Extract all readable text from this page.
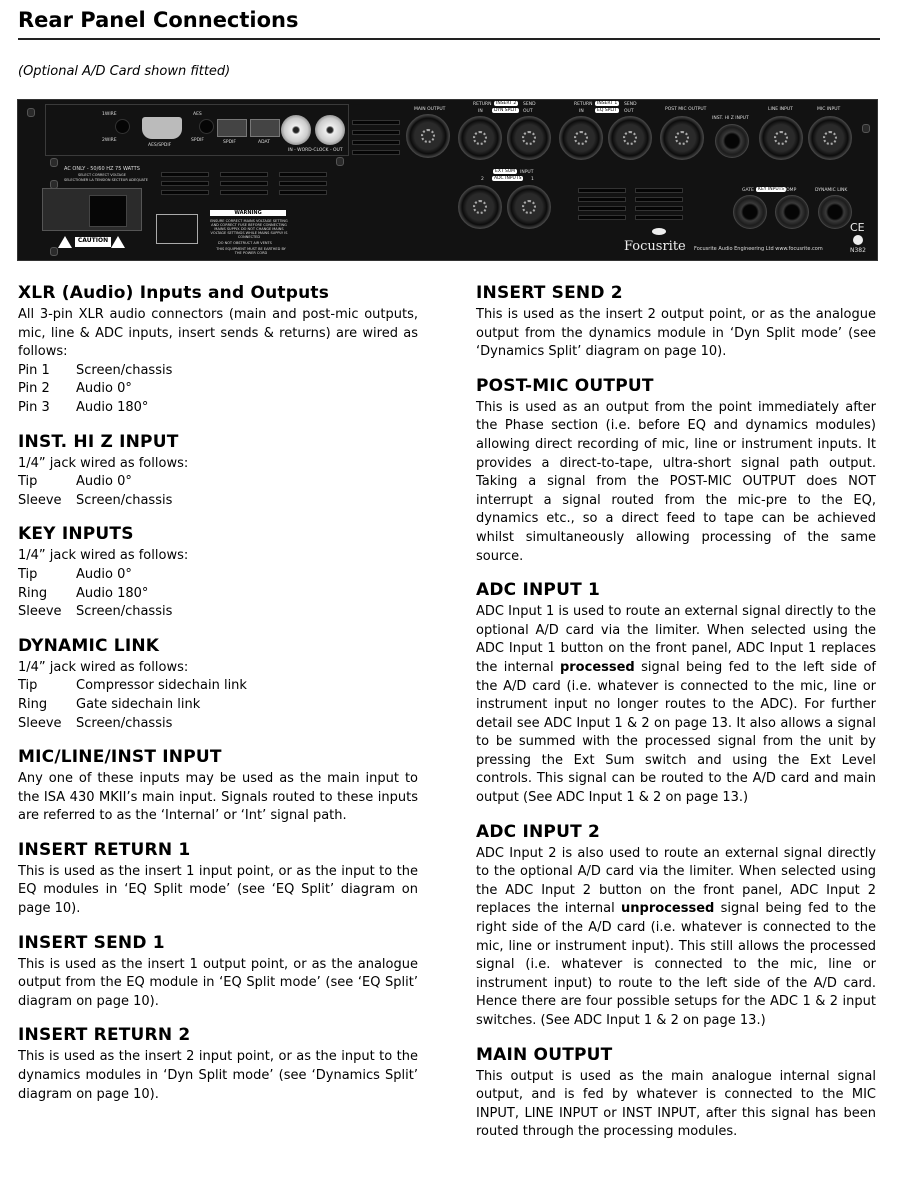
Rear Panel Connections
(Optional A/D Card shown fitted)
1WIRE
2WIRE
AES/SPDIF
AES
SPDIF	SPDIF	ADAT
IN - WORD-CLOCK - OUT
AC ONLY - 50/60 HZ 75 WATTS
SELECT CORRECT VOLTAGE
SELECTIONER LA TENSION SECTEUR ADEQUATE
CAUTION
WARNING
ENSURE CORRECT MAINS VOLTAGE SETTING AND CORRECT FUSE BEFORE CONNECTING MAINS SUPPLY. DO NOT CHANGE MAINS VOLTAGE SETTINGS WHILE MAINS SUPPLY IS CONNECTED
DO NOT OBSTRUCT AIR VENTS
THIS EQUIPMENT MUST BE EARTHED BY THE POWER CORD
MAIN OUTPUT
RETURN INSERT 2	SEND
IN	DYN SPLIT	OUT
RETURN INSERT 1	SEND
IN	EQ SPLIT	OUT	POST MIC OUTPUT
INST. HI Z INPUT
LINE INPUT	MIC INPUT
EXT SUM	INPUT
2	ADC INPUTS	1
GATE KEY INPUTS
COMP	DYNAMIC LINK
Focusrite Focusrite Audio Engineering Ltd www.focusrite.com
CE
N382
XLR (Audio) Inputs and Outputs

All 3-pin XLR audio connectors (main and post-mic outputs, mic, line & ADC inputs, insert sends & returns) are wired as follows:

Pin 1	Screen/chassis
Pin 2	Audio 0°
Pin 3	Audio 180°
INST. HI Z INPUT

1/4” jack wired as follows:

Tip	Audio 0°
Sleeve	Screen/chassis
KEY INPUTS

1/4” jack wired as follows:

Tip	Audio 0°
Ring	Audio 180°
Sleeve	Screen/chassis
DYNAMIC LINK

1/4” jack wired as follows:

Tip	Compressor sidechain link
Ring	Gate sidechain link
Sleeve	Screen/chassis
MIC/LINE/INST INPUT

Any one of these inputs may be used as the main input to the ISA 430 MKII’s main input. Signals routed to these inputs are referred to as the ‘Internal’ or ‘Int’ signal path.

INSERT RETURN 1

This is used as the insert 1 input point, or as the input to the EQ modules in ‘EQ Split mode’ (see ‘EQ Split’ diagram on page 10).

INSERT SEND 1

This is used as the insert 1 output point, or as the analogue output from the EQ module in ‘EQ Split mode’ (see ‘EQ Split’ diagram on page 10).

INSERT RETURN 2

This is used as the insert 2 input point, or as the input to the dynamics modules in ‘Dyn Split mode’ (see ‘Dynamics Split’ diagram on page 10).

INSERT SEND 2

This is used as the insert 2 output point, or as the analogue output from the dynamics module in ‘Dyn Split mode’ (see ‘Dynamics Split’ diagram on page 10).

POST-MIC OUTPUT

This is used as an output from the point immediately after the Phase section (i.e. before EQ and dynamics modules) allowing direct recording of mic, line or instrument inputs. It provides a direct-to-tape, ultra-short signal path output. Taking a signal from the POST-MIC OUTPUT does NOT interrupt a signal routed from the mic-pre to the EQ, dynamics etc., so a direct feed to tape can be achieved whilst simultaneously allowing processing of the same source.

ADC INPUT 1

ADC Input 1 is used to route an external signal directly to the optional A/D card via the limiter. When selected using the ADC Input 1 button on the front panel, ADC Input 1 replaces the internal processed signal being fed to the left side of the A/D card (i.e. whatever is connected to the mic, line or instrument input no longer routes to the ADC). For further detail see ADC Input 1 & 2 on page 13. It also allows a signal to be summed with the processed signal from the unit by pressing the Ext Sum switch and using the Ext Level controls. This signal can be routed to the A/D card and main output (See ADC Input 1 & 2 on page 13.)

ADC INPUT 2

ADC Input 2 is also used to route an external signal directly to the optional A/D card via the limiter. When selected using the ADC Input 2 button on the front panel, ADC Input 2 replaces the internal unprocessed signal being fed to the right side of the A/D card (i.e. whatever is connected to the mic, line or instrument input). This still allows the processed signal (i.e. whatever is connected to the mic, line or instrument input) to route to the left side of the A/D card. Hence there are four possible setups for the ADC 1 & 2 input switches. (See ADC Input 1 & 2 on page 13.)

MAIN OUTPUT

This output is used as the main analogue internal signal output, and is fed by whatever is connected to the MIC INPUT, LINE INPUT or INST INPUT, after this signal has been routed through the processing modules.
